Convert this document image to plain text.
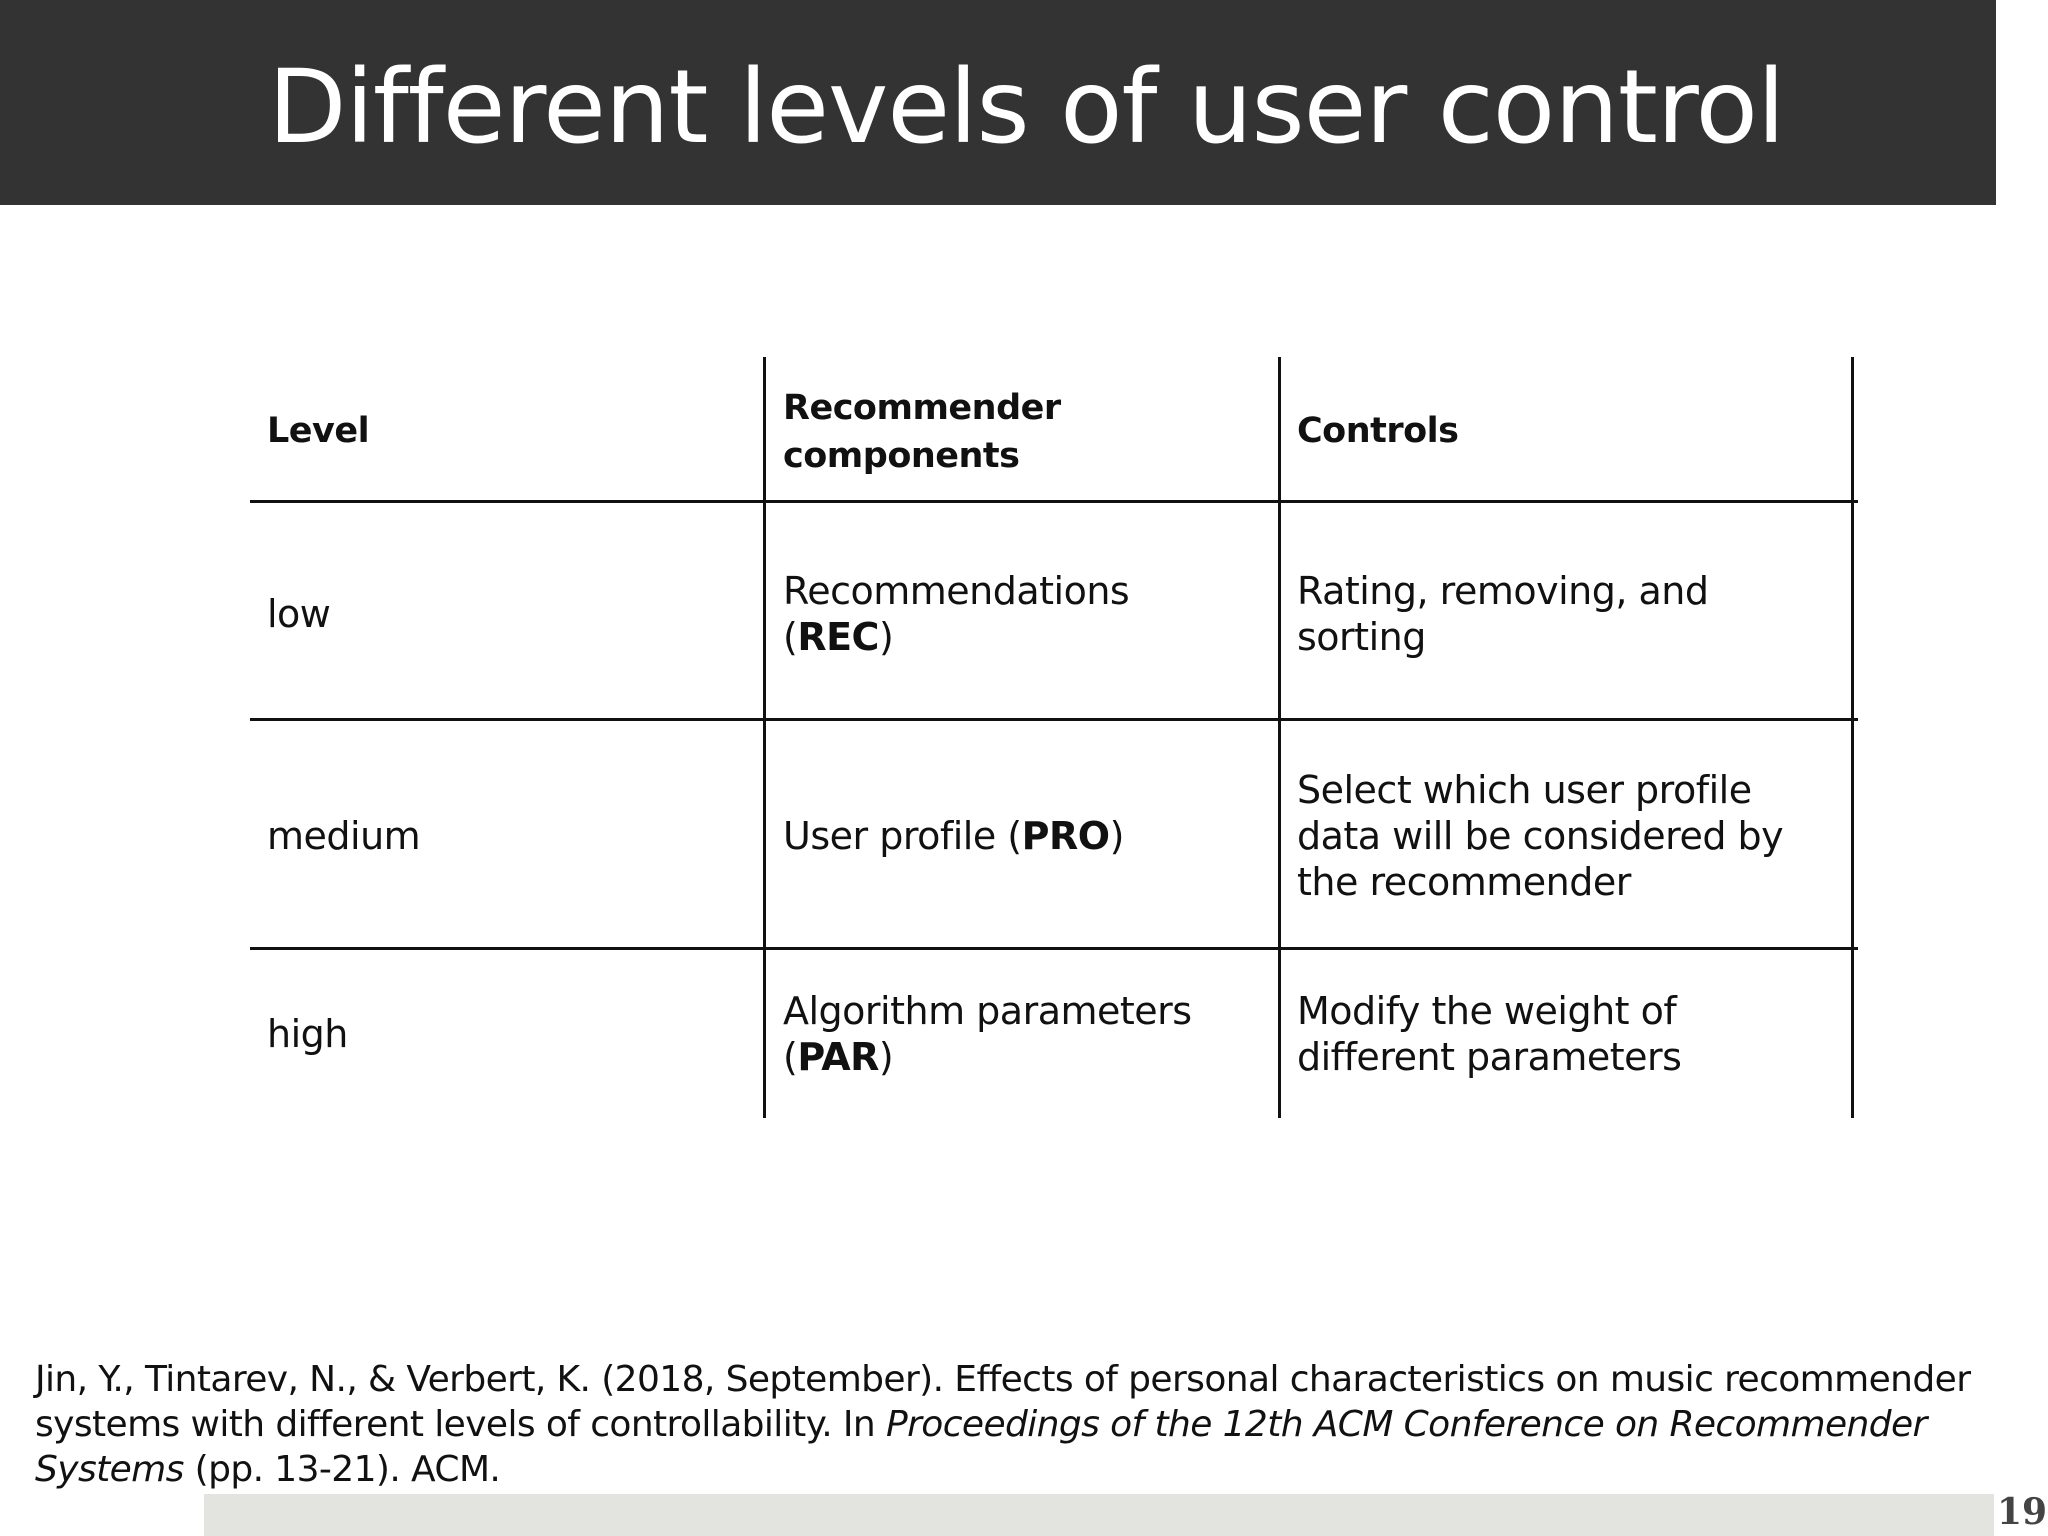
Different levels of user control
Level
Recommender
components
Controls
low
Recommendations
(REC)
Rating, removing, and
sorting
medium	User profile (PRO)
Select which user profile
data will be considered by
the recommender
high
Algorithm parameters
(PAR)
Modify the weight of
different parameters
Jin, Y., Tintarev, N., & Verbert, K. (2018, September). Effects of personal characteristics on music recommender systems with different levels of controllability. In Proceedings of the 12th ACM Conference on Recommender Systems (pp. 13-21). ACM.
19
